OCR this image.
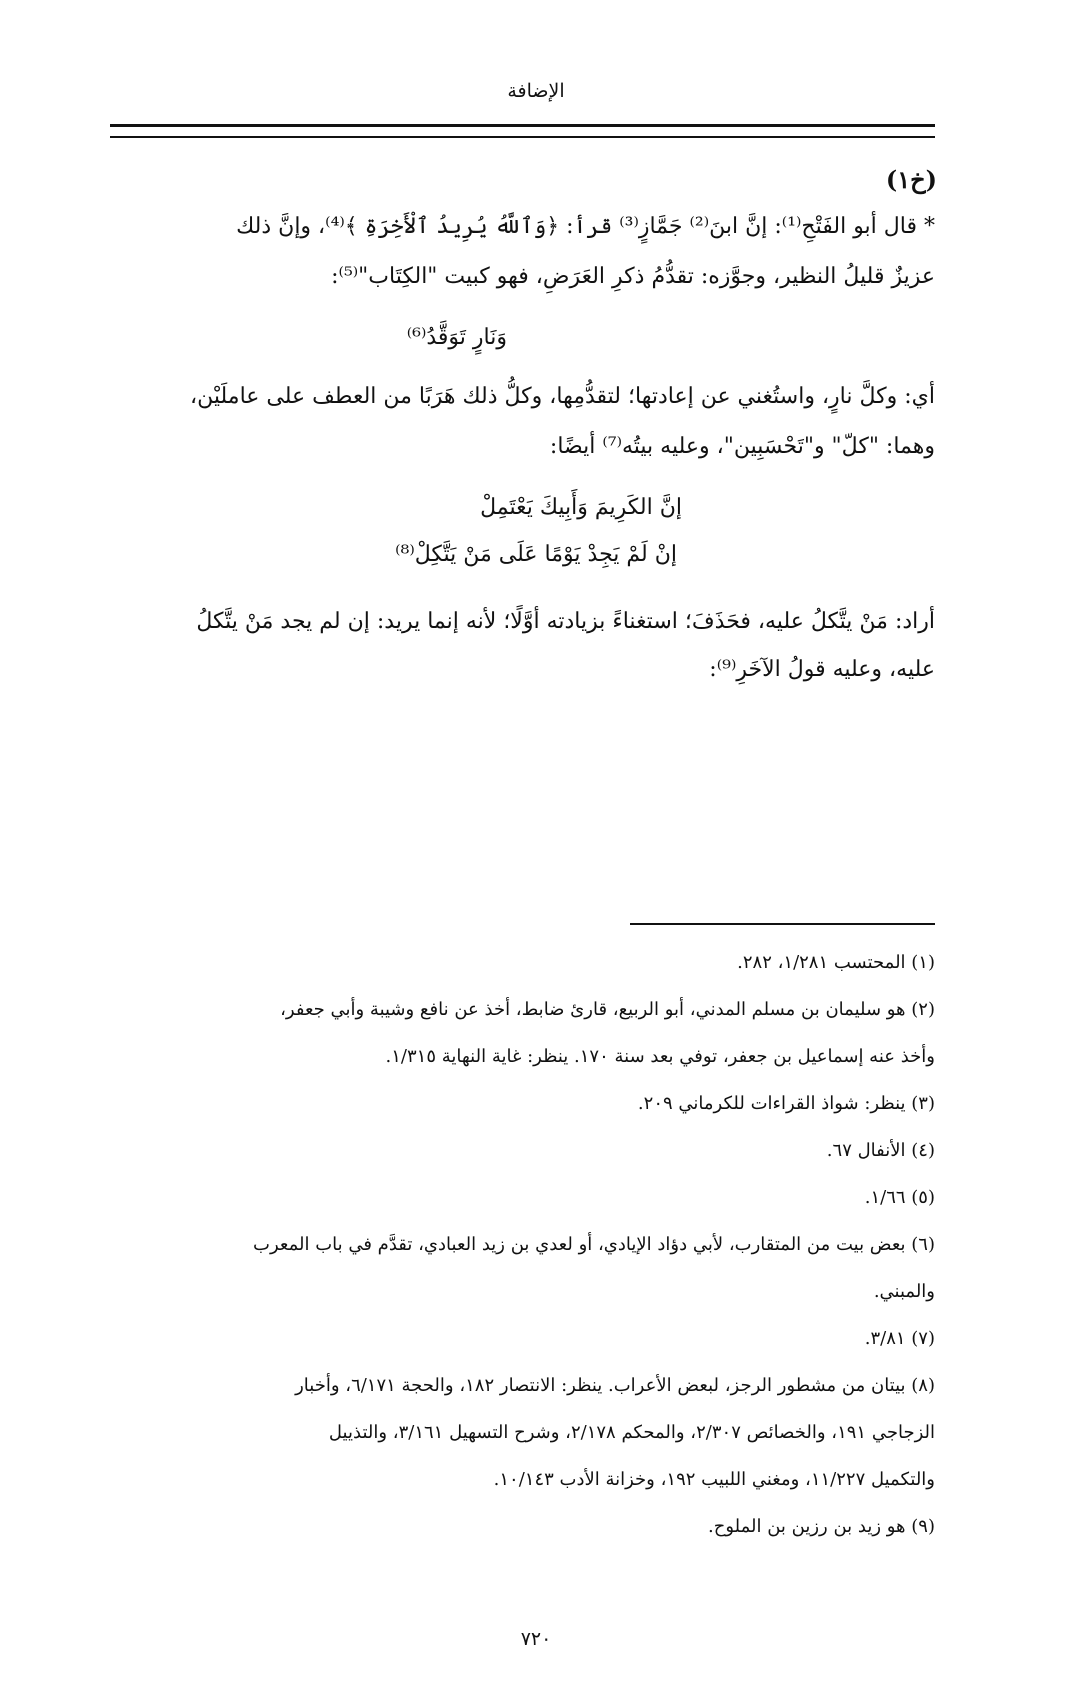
الإضافة
(خ١)
* قال أبو الفَتْحِ⁽¹⁾: إنَّ ابنَ⁽²⁾ جَمَّازٍ⁽³⁾ قرأ: ﴿وَٱللَّهُ يُرِيدُ ٱلْأَخِرَةِ ﴾⁽⁴⁾، وإنَّ ذلك
عزيزٌ قليلُ النظير، وجوَّزه: تقدُّمُ ذكرِ العَرَضِ، فهو كبيت "الكِتَاب"⁽⁵⁾:
وَنَارٍ تَوَقَّدُ⁽⁶⁾
أي: وكلَّ نارٍ، واستُغني عن إعادتها؛ لتقدُّمِها، وكلُّ ذلك هَرَبًا من العطف على عاملَيْن،
وهما: "كلّ" و"تَحْسَبِين"، وعليه بيتُه⁽⁷⁾ أيضًا:
إنَّ الكَرِيمَ وَأَبِيكَ يَعْتَمِلْ
إنْ لَمْ يَجِدْ يَوْمًا عَلَى مَنْ يَتَّكِلْ⁽⁸⁾
أراد: مَنْ يتَّكلُ عليه، فحَذَفَ؛ استغناءً بزيادته أوَّلًا؛ لأنه إنما يريد: إن لم يجد مَنْ يتَّكلُ
عليه، وعليه قولُ الآخَرِ⁽⁹⁾:
(١) المحتسب ١/٢٨١، ٢٨٢.
(٢) هو سليمان بن مسلم المدني، أبو الربيع، قارئ ضابط، أخذ عن نافع وشيبة وأبي جعفر،
وأخذ عنه إسماعيل بن جعفر، توفي بعد سنة ١٧٠. ينظر: غاية النهاية ١/٣١٥.
(٣) ينظر: شواذ القراءات للكرماني ٢٠٩.
(٤) الأنفال ٦٧.
(٥) ١/٦٦.
(٦) بعض بيت من المتقارب، لأبي دؤاد الإيادي، أو لعدي بن زيد العبادي، تقدَّم في باب المعرب
والمبني.
(٧) ٣/٨١.
(٨) بيتان من مشطور الرجز، لبعض الأعراب. ينظر: الانتصار ١٨٢، والحجة ٦/١٧١، وأخبار
الزجاجي ١٩١، والخصائص ٢/٣٠٧، والمحكم ٢/١٧٨، وشرح التسهيل ٣/١٦١، والتذييل
والتكميل ١١/٢٢٧، ومغني اللبيب ١٩٢، وخزانة الأدب ١٠/١٤٣.
(٩) هو زيد بن رزين بن الملوح.
٧٢٠
